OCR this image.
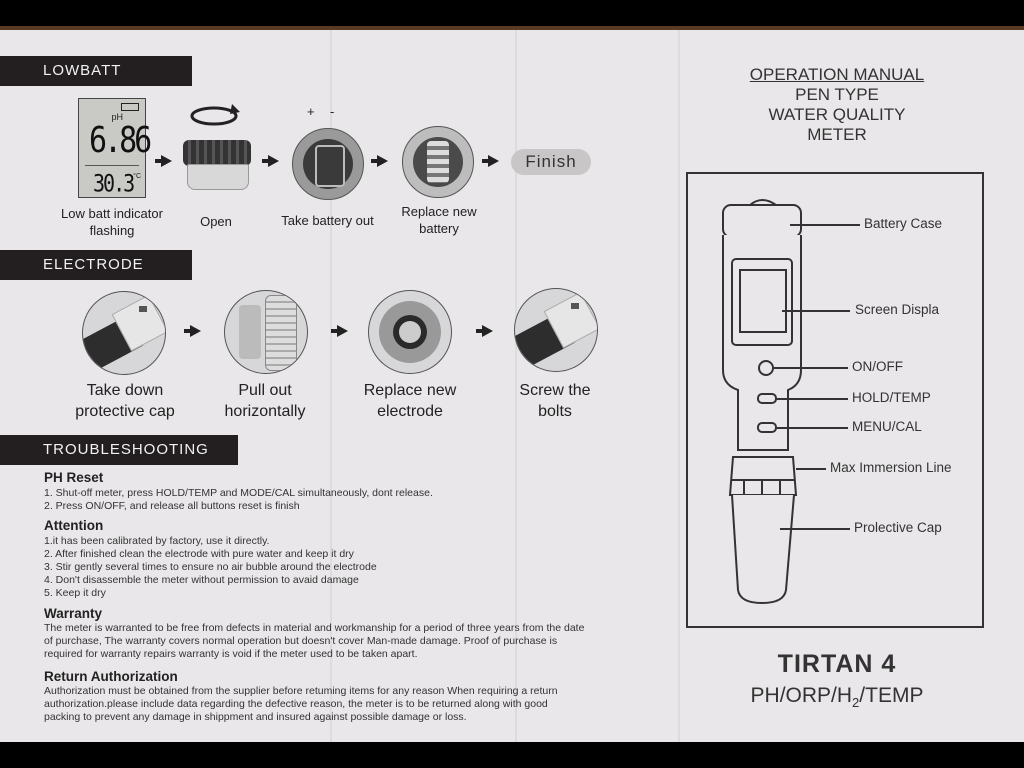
LOWBATT
pH
6.86
30.3 °C
Low batt indicator flashing
Open
+ -
Take battery out
Replace new battery
Finish
ELECTRODE
Take down
protective cap
Pull out
horizontally
Replace new
electrode
Screw the
bolts
TROUBLESHOOTING
PH Reset
1. Shut-off meter, press HOLD/TEMP and MODE/CAL simultaneously, dont release.
2. Press ON/OFF, and release all buttons reset is finish
Attention
1.it has been calibrated by factory, use it directly.
2. After finished clean the electrode with pure water and keep it dry
3. Stir gently several times to ensure no air bubble around the electrode
4. Don't disassemble the meter without permission to avaid damage
5. Keep it dry
Warranty
The meter is warranted to be free from defects in material and workmanship for a period of three years from the date
of purchase, The warranty covers normal operation but doesn't cover Man-made damage. Proof of purchase is
required for warranty repairs warranty is void if the meter used to be taken apart.
Return Authorization
Authorization must be obtained from the supplier before retuming items for any reason When requiring a return
authorization.please include data regarding the defective reason, the meter is to be returned along with good
packing to prevent any damage in shippment and insured against possible damage or loss.
OPERATION MANUAL
PEN TYPE
WATER QUALITY
METER
Battery Case
Screen Displa
ON/OFF
HOLD/TEMP
MENU/CAL
Max Immersion Line
Prolective Cap
TIRTAN 4
$PH/ORP/H_2$/TEMP
